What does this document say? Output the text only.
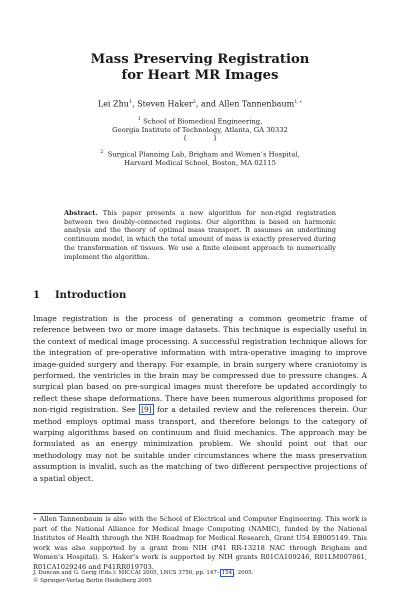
Mass Preserving Registration
for Heart MR Images
Lei Zhu$^1$, Steven Haker$^2$, and Allen Tannenbaum$^{1,⋆}$
$^1$ School of Biomedical Engineering,
Georgia Institute of Technology, Atlanta, GA 30332
{            }
$^2$ Surgical Planning Lab, Brigham and Women’s Hospital,
Harvard Medical School, Boston, MA 02115
Abstract. This paper presents a new algorithm for non-rigid registration between two doubly-connected regions. Our algorithm is based on harmonic analysis and the theory of optimal mass transport. It assumes an underlining continuum model, in which the total amount of mass is exactly preserved during the transformation of tissues. We use a finite element approach to numerically implement the algorithm.
1 Introduction
Image registration is the process of generating a common geometric frame of reference between two or more image datasets. This technique is especially useful in the context of medical image processing. A successful registration technique allows for the integration of pre-operative information with intra-operative imaging to improve image-guided surgery and therapy. For example, in brain surgery where craniotomy is performed, the ventricles in the brain may be compressed due to pressure changes. A surgical plan based on pre-surgical images must therefore be updated accordingly to reflect these shape deformations. There have been numerous algorithms proposed for non-rigid registration. See [9] for a detailed review and the references therein. Our method employs optimal mass transport, and therefore belongs to the category of warping algorithms based on continuum and fluid mechanics. The approach may be formulated as an energy minimization problem. We should point out that our methodology may not be suitable under circumstances where the mass preservation assumption is invalid, such as the matching of two different perspective projections of a spatial object.
⋆ Allen Tannenbaum is also with the School of Electrical and Computer Engineering. This work is part of the National Alliance for Medical Image Computing (NAMIC), funded by the National Institutes of Health through the NIH Roadmap for Medical Research, Grant U54 EB005149. This work was also supported by a grant from NIH (P41 RR-13218 NAC through Brigham and Women’s Hospital). S. Haker’s work is supported by NIH grants R01CA109246, R01LM007861, R01CA1029246 and P41RR019703.
J. Duncan and G. Gerig (Eds.): MICCAI 2005, LNCS 3750, pp. 147– 154 , 2005.
© Springer-Verlag Berlin Heidelberg 2005
